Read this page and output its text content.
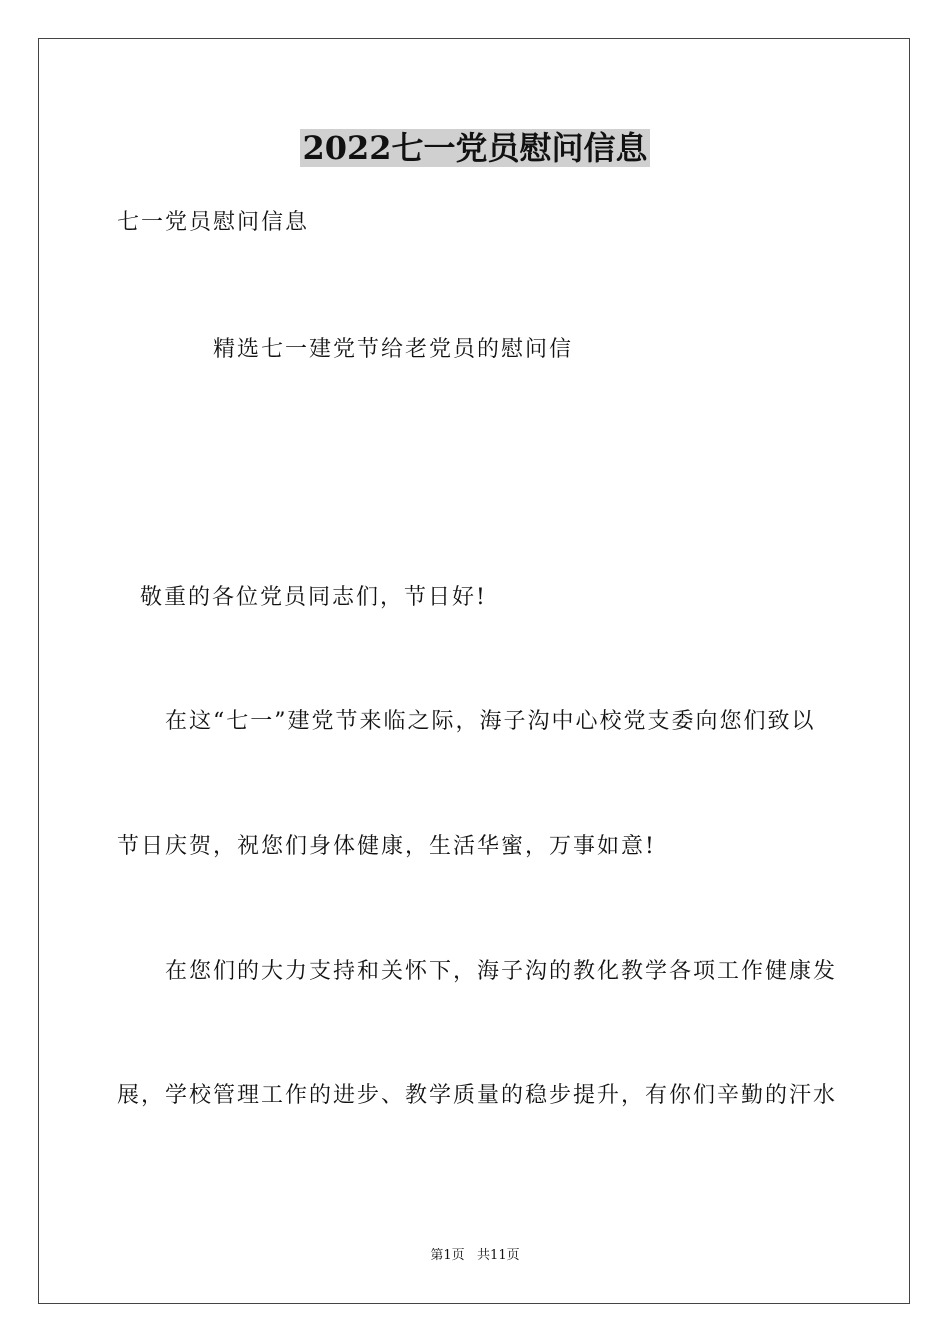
2022七一党员慰问信息

七一党员慰问信息

精选七一建党节给老党员的慰问信

敬重的各位党员同志们，节日好!

在这“七一”建党节来临之际，海子沟中心校党支委向您们致以

节日庆贺，祝您们身体健康，生活华蜜，万事如意!

在您们的大力支持和关怀下，海子沟的教化教学各项工作健康发

展，学校管理工作的进步、教学质量的稳步提升，有你们辛勤的汗水

第1页   共11页
